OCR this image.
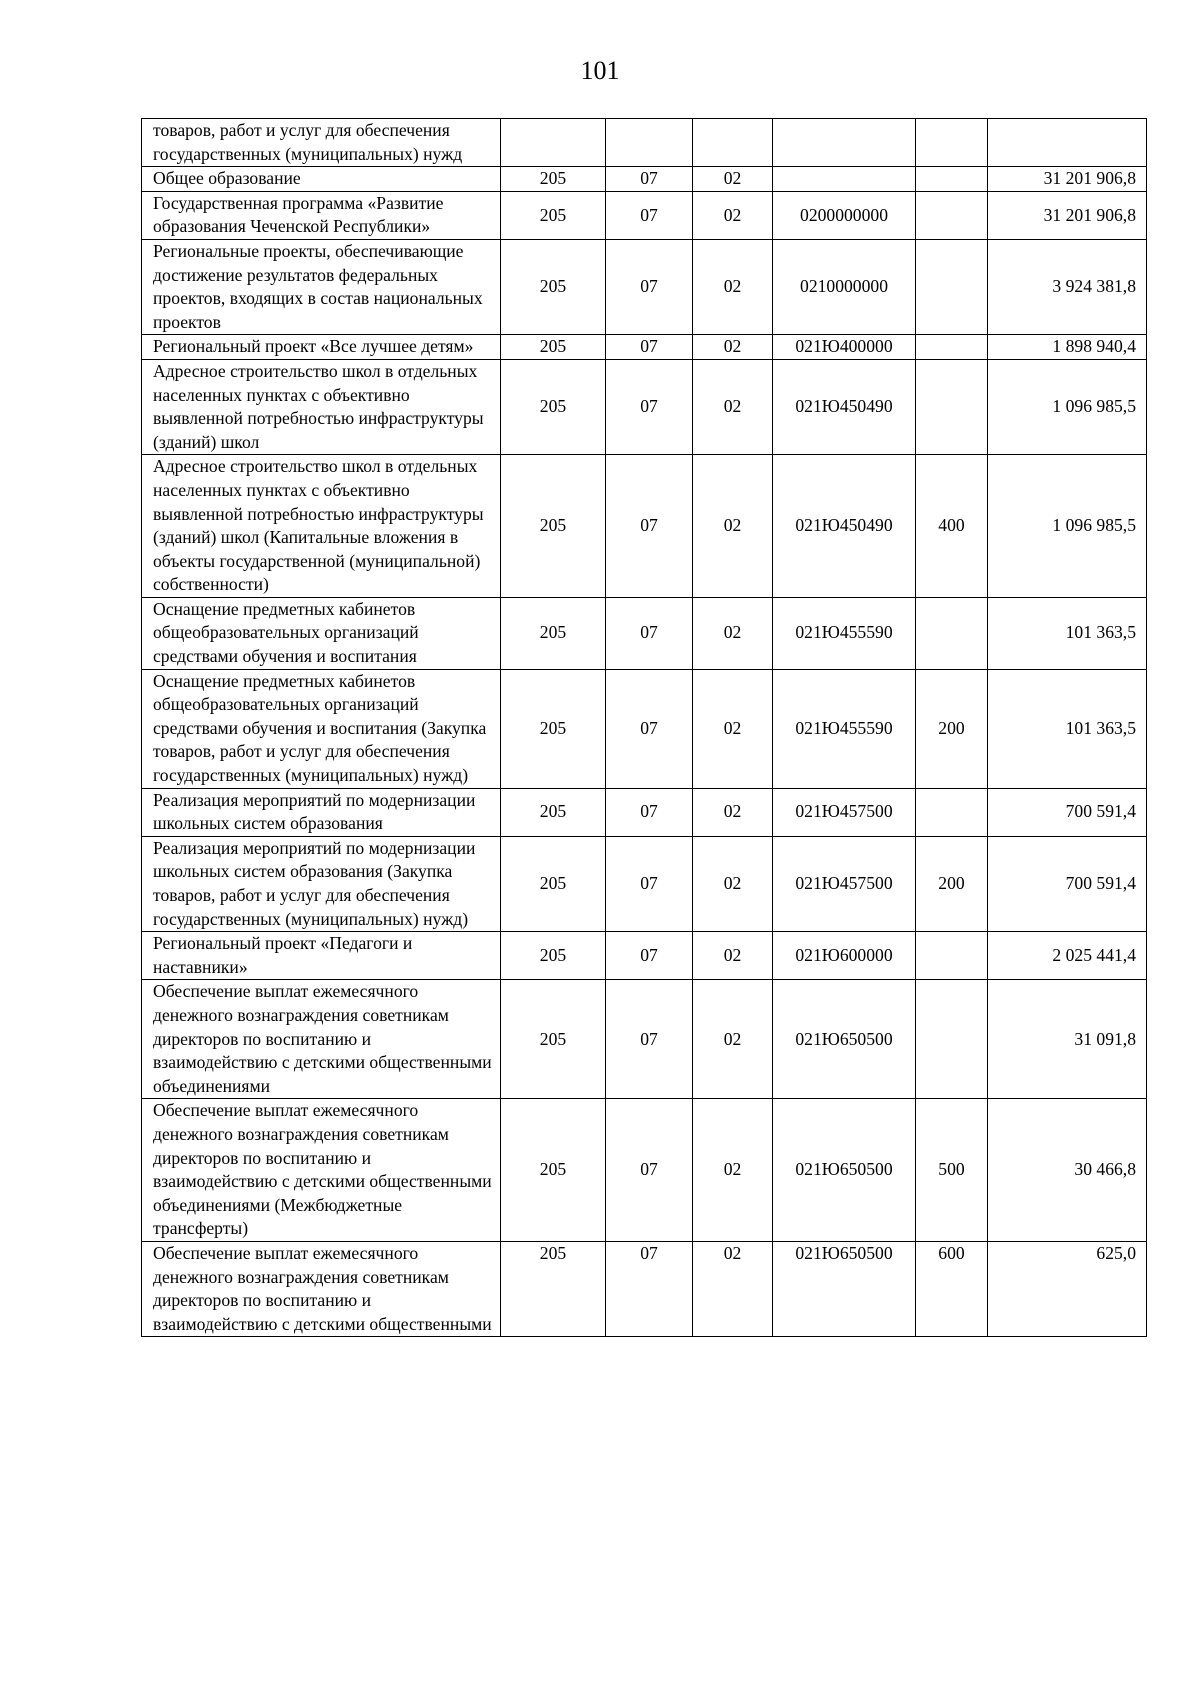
101
товаров, работ и услуг для обеспечения государственных (муниципальных) нужд						
Общее образование	205	07	02			31 201 906,8
Государственная программа «Развитие образования Чеченской Республики»	205	07	02	0200000000		31 201 906,8
Региональные проекты, обеспечивающие достижение результатов федеральных проектов, входящих в состав национальных проектов	205	07	02	0210000000		3 924 381,8
Региональный проект «Все лучшее детям»	205	07	02	021Ю400000		1 898 940,4
Адресное строительство школ в отдельных населенных пунктах с объективно выявленной потребностью инфраструктуры (зданий) школ	205	07	02	021Ю450490		1 096 985,5
Адресное строительство школ в отдельных населенных пунктах с объективно выявленной потребностью инфраструктуры (зданий) школ (Капитальные вложения в объекты государственной (муниципальной) собственности)	205	07	02	021Ю450490	400	1 096 985,5
Оснащение предметных кабинетов общеобразовательных организаций средствами обучения и воспитания	205	07	02	021Ю455590		101 363,5
Оснащение предметных кабинетов общеобразовательных организаций средствами обучения и воспитания (Закупка товаров, работ и услуг для обеспечения государственных (муниципальных) нужд)	205	07	02	021Ю455590	200	101 363,5
Реализация мероприятий по модернизации школьных систем образования	205	07	02	021Ю457500		700 591,4
Реализация мероприятий по модернизации школьных систем образования (Закупка товаров, работ и услуг для обеспечения государственных (муниципальных) нужд)	205	07	02	021Ю457500	200	700 591,4
Региональный проект «Педагоги и наставники»	205	07	02	021Ю600000		2 025 441,4
Обеспечение выплат ежемесячного денежного вознаграждения советникам директоров по воспитанию и взаимодействию с детскими общественными объединениями	205	07	02	021Ю650500		31 091,8
Обеспечение выплат ежемесячного денежного вознаграждения советникам директоров по воспитанию и взаимодействию с детскими общественными объединениями (Межбюджетные трансферты)	205	07	02	021Ю650500	500	30 466,8
Обеспечение выплат ежемесячного денежного вознаграждения советникам директоров по воспитанию и взаимодействию с детскими общественными	205	07	02	021Ю650500	600	625,0
